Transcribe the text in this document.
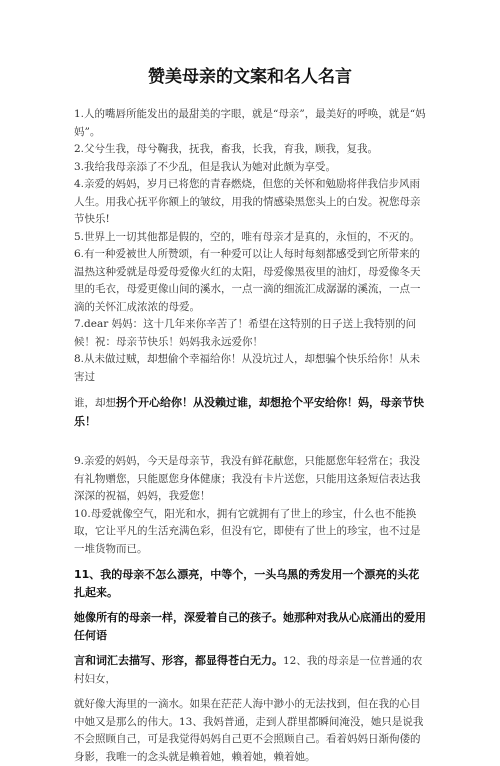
赞美母亲的文案和名人名言

1.人的嘴唇所能发出的最甜美的字眼，就是“母亲”，最美好的呼唤，就是“妈妈”。

2.父兮生我，母兮鞠我，抚我，畜我，长我，育我，顾我，复我。

3.我给我母亲添了不少乱，但是我认为她对此颇为享受。

4.亲爱的妈妈，岁月已将您的青春燃烧，但您的关怀和勉励将伴我信步风雨人生。用我心抚平你额上的皱纹，用我的情感染黑您头上的白发。祝您母亲节快乐!

5.世界上一切其他都是假的，空的，唯有母亲才是真的，永恒的，不灭的。

6.有一种爱被世人所赞颂，有一种爱可以让人每时每刻都感受到它所带来的温热这种爱就是母爱母爱像火红的太阳，母爱像黑夜里的油灯，母爱像冬天里的毛衣，母爱更像山间的溪水，一点一滴的细流汇成潺潺的溪流，一点一滴的关怀汇成浓浓的母爱。

7.dear 妈妈：这十几年来你辛苦了！希望在这特别的日子送上我特别的问候！祝：母亲节快乐！妈妈我永远爱你！

8.从未做过贼，却想偷个幸福给你！从没坑过人，却想骗个快乐给你！从未害过

谁，却想拐个开心给你！从没赖过谁，却想抢个平安给你！妈，母亲节快乐！

9.亲爱的妈妈，今天是母亲节，我没有鲜花献您，只能愿您年轻常在；我没有礼物赠您，只能愿您身体健康；我没有卡片送您，只能用这条短信表达我深深的祝福，妈妈，我爱您！

10.母爱就像空气，阳光和水，拥有它就拥有了世上的珍宝，什么也不能换取，它让平凡的生活充满色彩，但没有它，即使有了世上的珍宝，也不过是一堆货物而已。

11、我的母亲不怎么漂亮，中等个，一头乌黑的秀发用一个漂亮的头花扎起来。

她像所有的母亲一样，深爱着自己的孩子。她那种对我从心底涌出的爱用任何语

言和词汇去描写、形容，都显得苍白无力。12、我的母亲是一位普通的农村妇女，

就好像大海里的一滴水。如果在茫茫人海中渺小的无法找到，但在我的心目中她又是那么的伟大。13、我妈普通，走到人群里都瞬间淹没，她只是说我不会照顾自己，可是我觉得妈妈自己更不会照顾自己。看着妈妈日渐佝偻的身影，我唯一的念头就是赖着她，赖着她，赖着她。
